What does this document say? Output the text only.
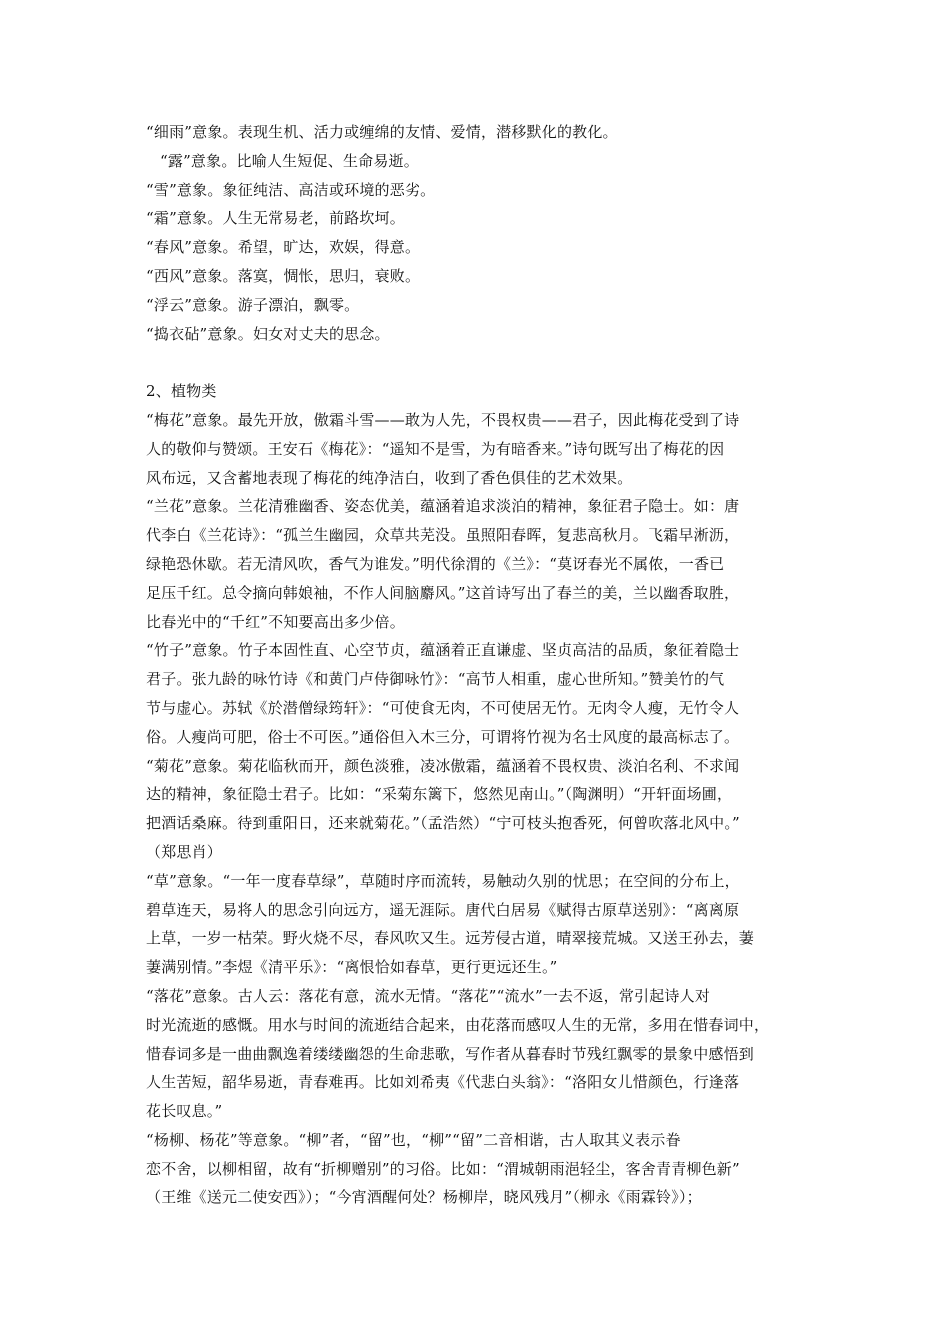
“细雨”意象。表现生机、活力或缠绵的友情、爱情，潜移默化的教化。
“露”意象。比喻人生短促、生命易逝。
“雪”意象。象征纯洁、高洁或环境的恶劣。
“霜”意象。人生无常易老，前路坎坷。
“春风”意象。希望，旷达，欢娱，得意。
“西风”意象。落寞，惆怅，思归，衰败。
“浮云”意象。游子漂泊，飘零。
“捣衣砧”意象。妇女对丈夫的思念。
2、植物类
“梅花”意象。最先开放，傲霜斗雪——敢为人先，不畏权贵——君子，因此梅花受到了诗
人的敬仰与赞颂。王安石《梅花》：“遥知不是雪，为有暗香来。”诗句既写出了梅花的因
风布远，又含蓄地表现了梅花的纯净洁白，收到了香色俱佳的艺术效果。
“兰花”意象。兰花清雅幽香、姿态优美，蕴涵着追求淡泊的精神，象征君子隐士。如：唐
代李白《兰花诗》：“孤兰生幽园，众草共芜没。虽照阳春晖，复悲高秋月。飞霜早淅沥，
绿艳恐休歇。若无清风吹，香气为谁发。”明代徐渭的《兰》：“莫讶春光不属侬，一香已
足压千红。总令摘向韩娘袖，不作人间脑麝风。”这首诗写出了春兰的美，兰以幽香取胜，
比春光中的“千红”不知要高出多少倍。
“竹子”意象。竹子本固性直、心空节贞，蕴涵着正直谦虚、坚贞高洁的品质，象征着隐士
君子。张九龄的咏竹诗《和黄门卢侍御咏竹》：“高节人相重，虚心世所知。”赞美竹的气
节与虚心。苏轼《於潜僧绿筠轩》：“可使食无肉，不可使居无竹。无肉令人瘦，无竹令人
俗。人瘦尚可肥，俗士不可医。”通俗但入木三分，可谓将竹视为名士风度的最高标志了。
“菊花”意象。菊花临秋而开，颜色淡雅，凌冰傲霜，蕴涵着不畏权贵、淡泊名利、不求闻
达的精神，象征隐士君子。比如：“采菊东篱下，悠然见南山。”（陶渊明）“开轩面场圃，
把酒话桑麻。待到重阳日，还来就菊花。”（孟浩然）“宁可枝头抱香死，何曾吹落北风中。”
（郑思肖）
“草”意象。“一年一度春草绿”，草随时序而流转，易触动久别的忧思；在空间的分布上，
碧草连天，易将人的思念引向远方，遥无涯际。唐代白居易《赋得古原草送别》：“离离原
上草，一岁一枯荣。野火烧不尽，春风吹又生。远芳侵古道，晴翠接荒城。又送王孙去，萋
萋满别情。”李煜《清平乐》：“离恨恰如春草，更行更远还生。”
“落花”意象。古人云：落花有意，流水无情。“落花”“流水”一去不返，常引起诗人对
时光流逝的感慨。用水与时间的流逝结合起来，由花落而感叹人生的无常，多用在惜春词中，
惜春词多是一曲曲飘逸着缕缕幽怨的生命悲歌，写作者从暮春时节残红飘零的景象中感悟到
人生苦短，韶华易逝，青春难再。比如刘希夷《代悲白头翁》：“洛阳女儿惜颜色，行逢落
花长叹息。”
“杨柳、杨花”等意象。“柳”者，“留”也，“柳”“留”二音相谐，古人取其义表示眷
恋不舍，以柳相留，故有“折柳赠别”的习俗。比如：“渭城朝雨浥轻尘，客舍青青柳色新”
（王维《送元二使安西》）；“今宵酒醒何处？杨柳岸，晓风残月”（柳永《雨霖铃》）；
